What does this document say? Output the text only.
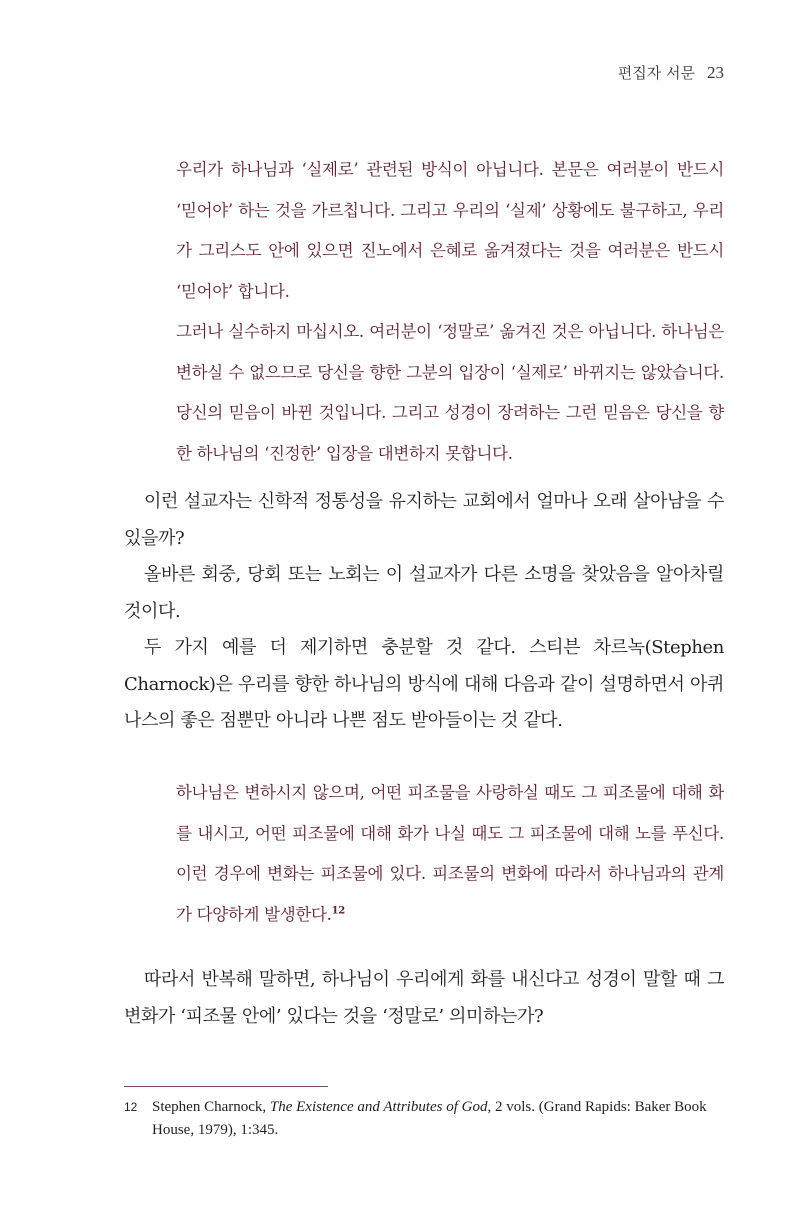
편집자 서문 23

우리가 하나님과 ‘실제로’ 관련된 방식이 아닙니다. 본문은 여러분이 반드시 ‘믿어야’ 하는 것을 가르칩니다. 그리고 우리의 ‘실제’ 상황에도 불구하고, 우리가 그리스도 안에 있으면 진노에서 은혜로 옮겨졌다는 것을 여러분은 반드시 ‘믿어야’ 합니다.

그러나 실수하지 마십시오. 여러분이 ‘정말로’ 옮겨진 것은 아닙니다. 하나님은 변하실 수 없으므로 당신을 향한 그분의 입장이 ‘실제로’ 바뀌지는 않았습니다. 당신의 믿음이 바뀐 것입니다. 그리고 성경이 장려하는 그런 믿음은 당신을 향한 하나님의 ‘진정한’ 입장을 대변하지 못합니다.

이런 설교자는 신학적 정통성을 유지하는 교회에서 얼마나 오래 살아남을 수 있을까?

올바른 회중, 당회 또는 노회는 이 설교자가 다른 소명을 찾았음을 알아차릴 것이다.

두 가지 예를 더 제기하면 충분할 것 같다. 스티븐 차르녹(Stephen Charnock)은 우리를 향한 하나님의 방식에 대해 다음과 같이 설명하면서 아퀴나스의 좋은 점뿐만 아니라 나쁜 점도 받아들이는 것 같다.

하나님은 변하시지 않으며, 어떤 피조물을 사랑하실 때도 그 피조물에 대해 화를 내시고, 어떤 피조물에 대해 화가 나실 때도 그 피조물에 대해 노를 푸신다. 이런 경우에 변화는 피조물에 있다. 피조물의 변화에 따라서 하나님과의 관계가 다양하게 발생한다.$^{12}$

따라서 반복해 말하면, 하나님이 우리에게 화를 내신다고 성경이 말할 때 그 변화가 ‘피조물 안에’ 있다는 것을 ‘정말로’ 의미하는가?

12 Stephen Charnock, The Existence and Attributes of God, 2 vols. (Grand Rapids: Baker Book House, 1979), 1:345.
